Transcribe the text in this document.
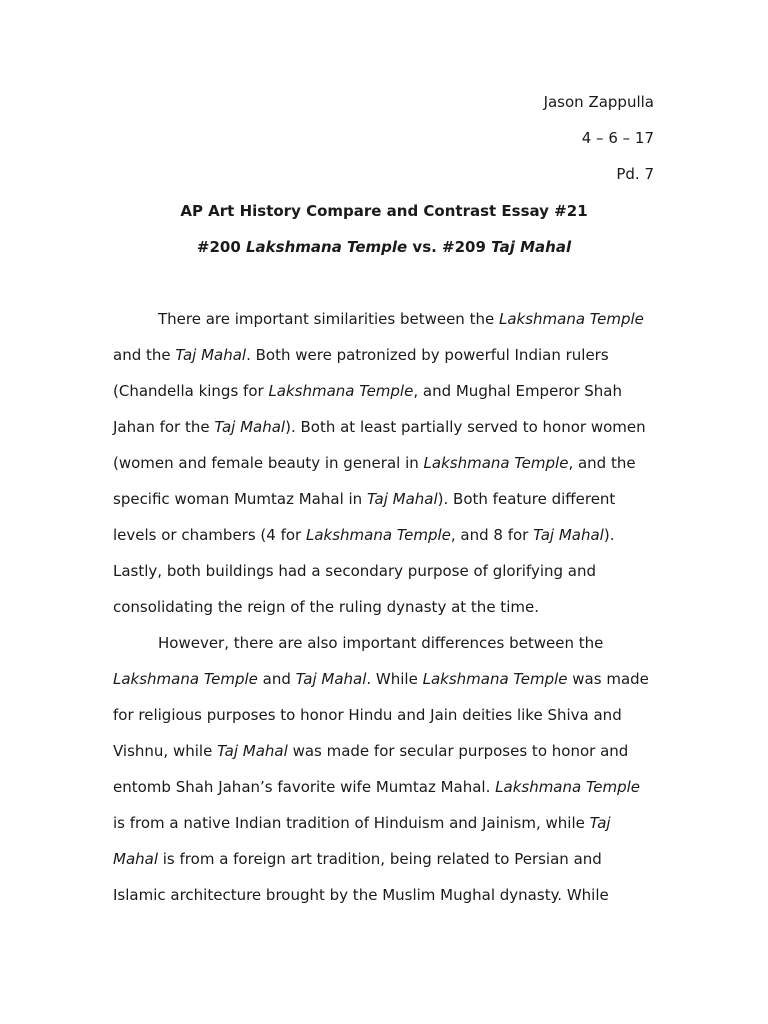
Jason Zappulla
4 – 6 – 17
Pd. 7
AP Art History Compare and Contrast Essay #21
#200 Lakshmana Temple vs. #209 Taj Mahal
There are important similarities between the Lakshmana Temple
and the Taj Mahal. Both were patronized by powerful Indian rulers
(Chandella kings for Lakshmana Temple, and Mughal Emperor Shah
Jahan for the Taj Mahal). Both at least partially served to honor women
(women and female beauty in general in Lakshmana Temple, and the
specific woman Mumtaz Mahal in Taj Mahal). Both feature different
levels or chambers (4 for Lakshmana Temple, and 8 for Taj Mahal).
Lastly, both buildings had a secondary purpose of glorifying and
consolidating the reign of the ruling dynasty at the time.
However, there are also important differences between the
Lakshmana Temple and Taj Mahal. While Lakshmana Temple was made
for religious purposes to honor Hindu and Jain deities like Shiva and
Vishnu, while Taj Mahal was made for secular purposes to honor and
entomb Shah Jahan’s favorite wife Mumtaz Mahal. Lakshmana Temple
is from a native Indian tradition of Hinduism and Jainism, while Taj
Mahal is from a foreign art tradition, being related to Persian and
Islamic architecture brought by the Muslim Mughal dynasty. While
